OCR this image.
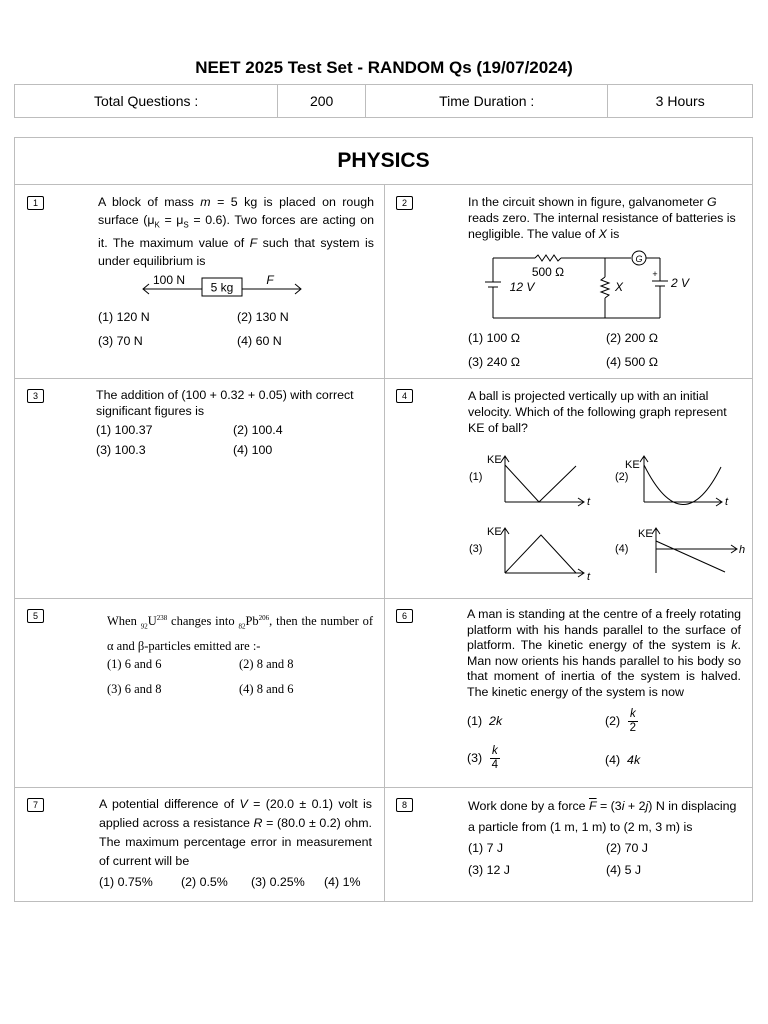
NEET 2025 Test Set - RANDOM Qs (19/07/2024)
Total Questions :	200	Time Duration :	3 Hours
PHYSICS
1	A block of mass m = 5 kg is placed on rough surface $(\mu_K = \mu_S = 0.6)$. Two forces are acting on it. The maximum value of F such that system is under equilibrium is
5 kg
100 N	F
(1) 120 N	(2) 130 N
(3) 70 N	(4) 60 N
2	In the circuit shown in figure, galvanometer G reads zero. The internal resistance of batteries is negligible. The value of X is
G
+
2 V
12 V	X
500 Ω
(1) 100 Ω	(2) 200 Ω
(3) 240 Ω	(4) 500 Ω
3	The addition of (100 + 0.32 + 0.05) with correct significant figures is
(1) 100.37	(2) 100.4
(3) 100.3	(4) 100
4	A ball is projected vertically up with an initial velocity. Which of the following graph represent KE of ball?
(1)
KE
t
(2)
KE
t
(3)
KE
t
(4)
KE
h
5	When $_{92}U^{238}$ changes into $_{82}Pb^{206}$, then the number of α and β-particles emitted are :-
(1) 6 and 6	(2) 8 and 8
(3) 6 and 8	(4) 8 and 6
6	A man is standing at the centre of a freely rotating platform with his hands parallel to the surface of platform. The kinetic energy of the system is k. Man now orients his hands parallel to his body so that moment of inertia of the system is halved. The kinetic energy of the system is now
(1) 2k	$(2) \frac{k}{2}$
$(3) \frac{k}{4}$	(4) 4k
7	A potential difference of V = (20.0 ± 0.1) volt is applied across a resistance R = (80.0 ± 0.2) ohm. The maximum percentage error in measurement of current will be
(1) 0.75% (2) 0.5% (3) 0.25% (4) 1%
8	Work done by a force $\overline{F} = (3i + 2j)$ N in displacing a particle from (1 m, 1 m) to (2 m, 3 m) is
(1) 7 J	(2) 70 J
(3) 12 J	(4) 5 J
